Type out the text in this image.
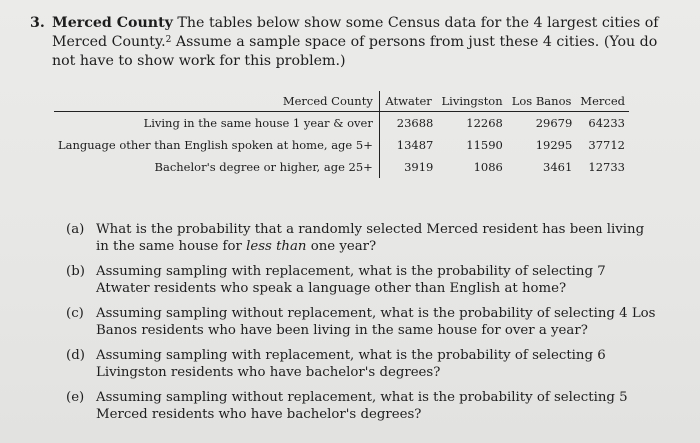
3. Merced County The tables below show some Census data for the 4 largest cities of Merced County.$^2$ Assume a sample space of persons from just these 4 cities. (You do not have to show work for this problem.)
Merced County	Atwater	Livingston	Los Banos	Merced
Living in the same house 1 year & over	23688	12268	29679	64233
Language other than English spoken at home, age 5+	13487	11590	19295	37712
Bachelor's degree or higher, age 25+	3919	1086	3461	12733
(a) What is the probability that a randomly selected Merced resident has been living in the same house for less than one year?
(b) Assuming sampling with replacement, what is the probability of selecting 7 Atwater residents who speak a language other than English at home?
(c) Assuming sampling without replacement, what is the probability of selecting 4 Los Banos residents who have been living in the same house for over a year?
(d) Assuming sampling with replacement, what is the probability of selecting 6 Livingston residents who have bachelor's degrees?
(e) Assuming sampling without replacement, what is the probability of selecting 5 Merced residents who have bachelor's degrees?
